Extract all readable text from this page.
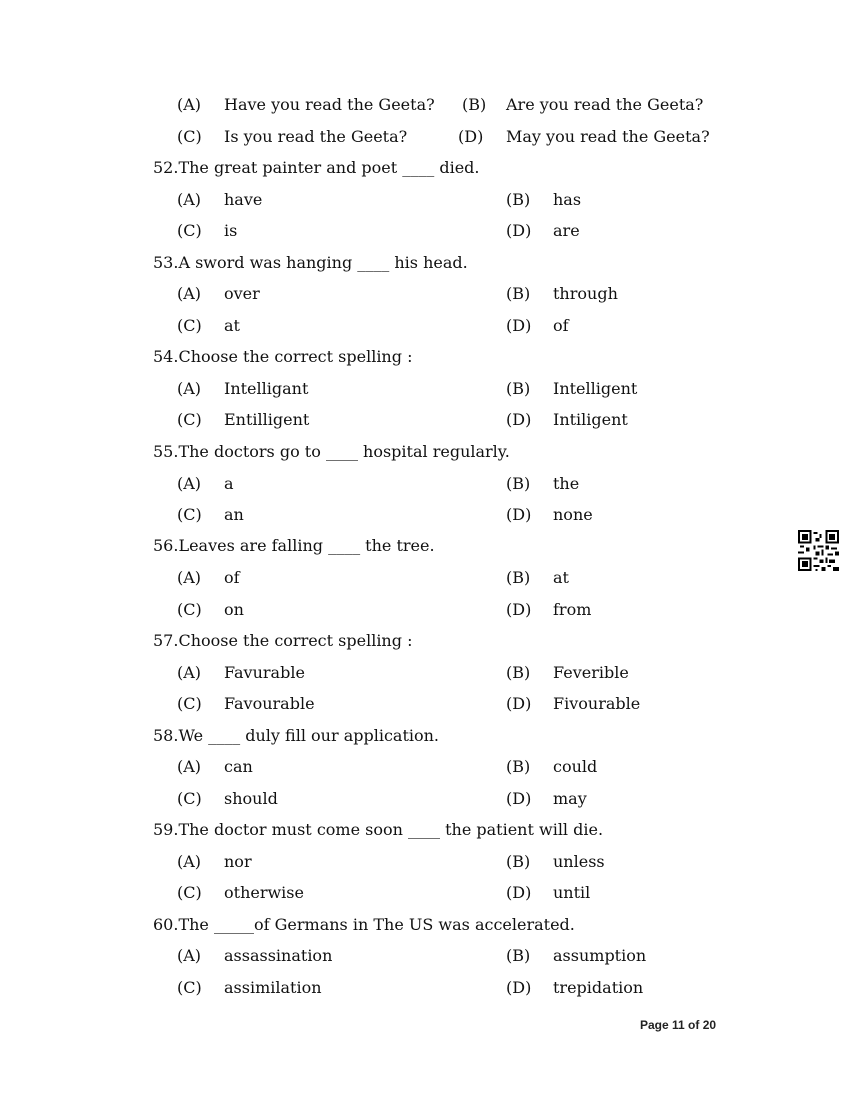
(A) Have you read the Geeta? (B) Are you read the Geeta?
(C) Is you read the Geeta?	(D) May you read the Geeta?
52.The great painter and poet ____ died.
(A) have	(B) has
(C) is	(D) are
53.A sword was hanging ____ his head.
(A) over	(B) through
(C) at	(D) of
54.Choose the correct spelling :
(A) Intelligant	(B) Intelligent
(C) Entilligent	(D) Intiligent
55.The doctors go to ____ hospital regularly.
(A) a	(B) the
(C) an	(D) none
56.Leaves are falling ____ the tree.
(A) of	(B) at
(C) on	(D) from
57.Choose the correct spelling :
(A) Favurable	(B) Feverible
(C) Favourable	(D) Fivourable
58.We ____ duly fill our application.
(A) can	(B) could
(C) should	(D) may
59.The doctor must come soon ____ the patient will die.
(A) nor	(B) unless
(C) otherwise	(D) until
60.The _____of Germans in The US was accelerated.
(A) assassination	(B) assumption
(C) assimilation	(D) trepidation
Page 11 of 20
